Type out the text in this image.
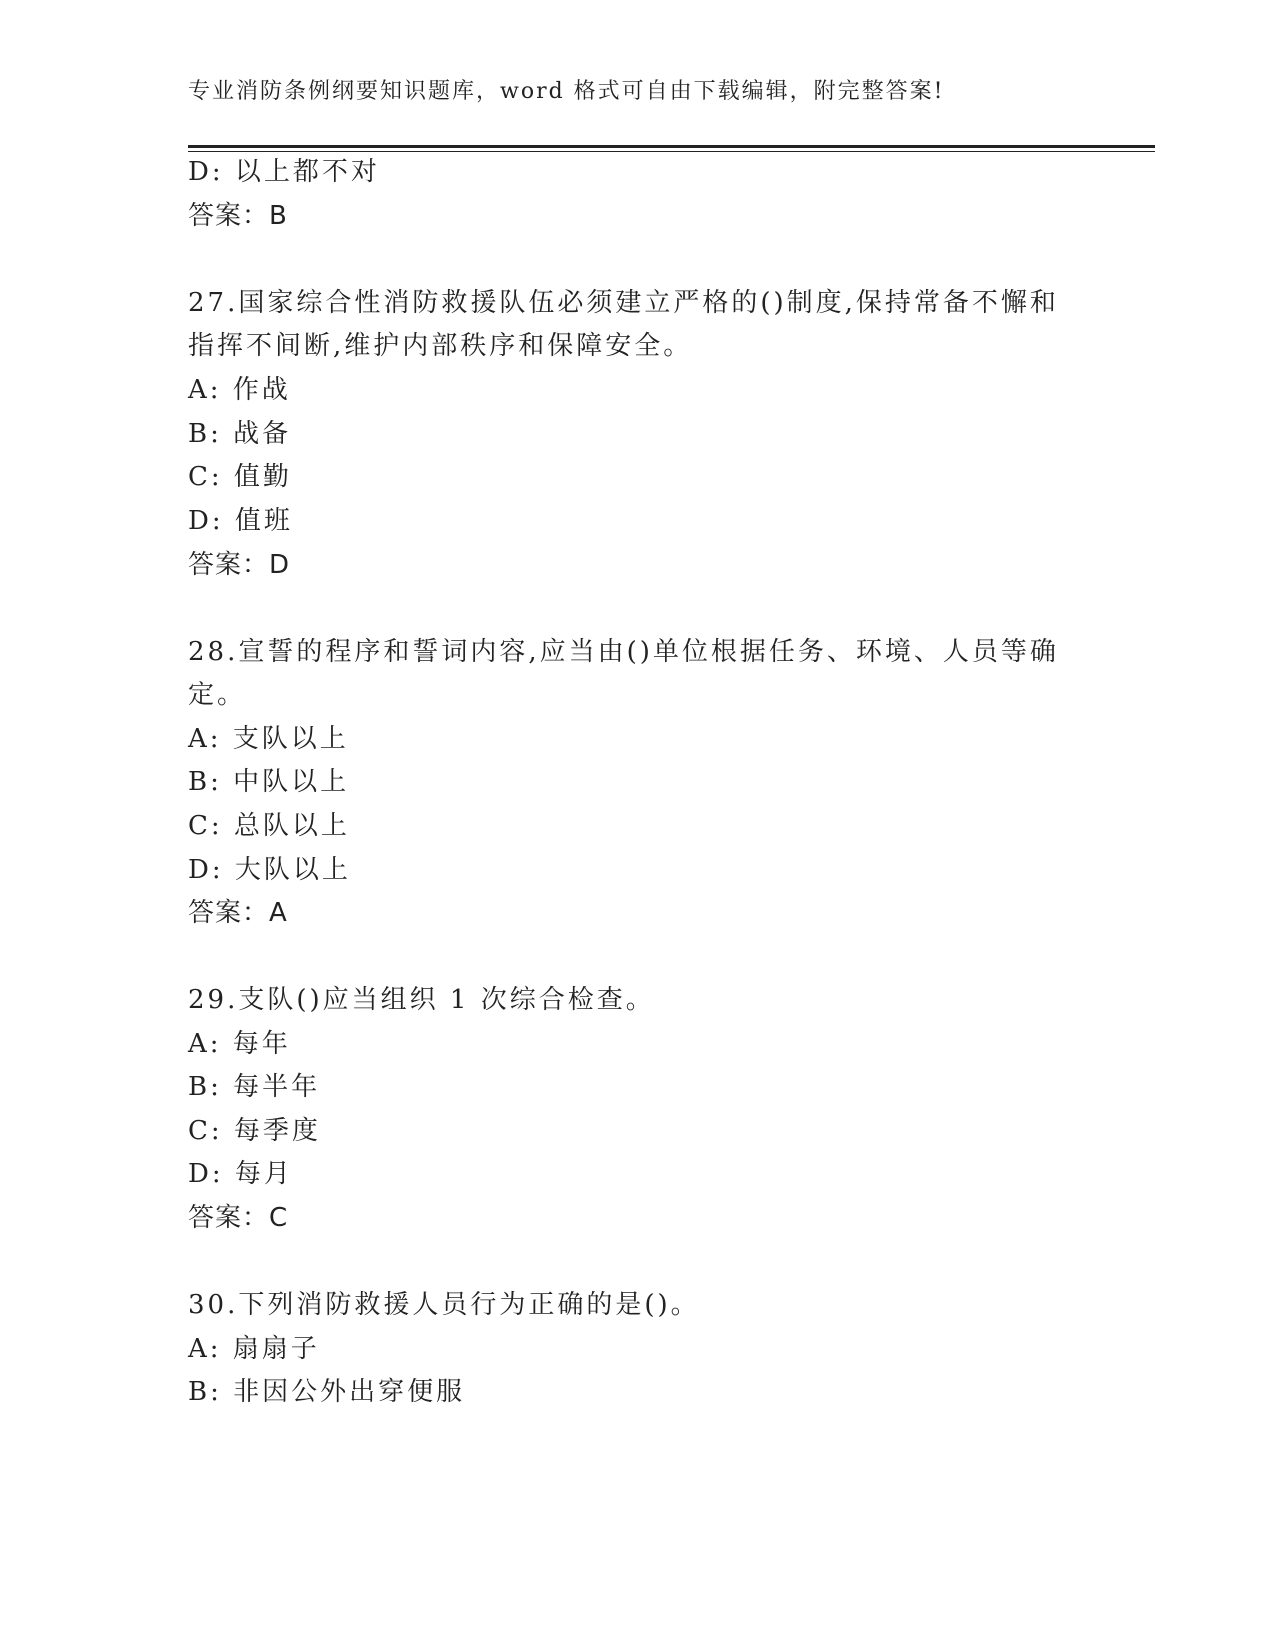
专业消防条例纲要知识题库，word 格式可自由下载编辑，附完整答案!
D: 以上都不对
答案：B
27.国家综合性消防救援队伍必须建立严格的()制度,保持常备不懈和
指挥不间断,维护内部秩序和保障安全。
A: 作战
B: 战备
C: 值勤
D: 值班
答案：D
28.宣誓的程序和誓词内容,应当由()单位根据任务、环境、人员等确
定。
A: 支队以上
B: 中队以上
C: 总队以上
D: 大队以上
答案：A
29.支队()应当组织 1 次综合检查。
A: 每年
B: 每半年
C: 每季度
D: 每月
答案：C
30.下列消防救援人员行为正确的是()。
A: 扇扇子
B: 非因公外出穿便服
